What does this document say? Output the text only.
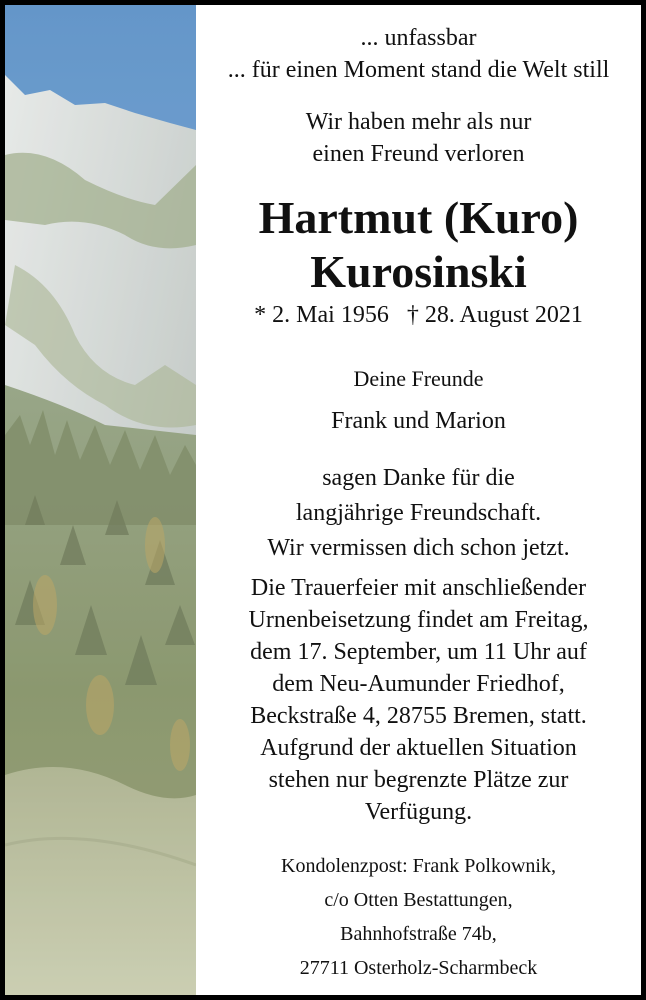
... unfassbar
... für einen Moment stand die Welt still
Wir haben mehr als nur
einen Freund verloren
Hartmut (Kuro)
Kurosinski
* 2. Mai 1956   † 28. August 2021
Deine Freunde
Frank und Marion
sagen Danke für die
langjährige Freundschaft.
Wir vermissen dich schon jetzt.
Die Trauerfeier mit anschließender
Urnenbeisetzung findet am Freitag,
dem 17. September, um 11 Uhr auf
dem Neu-Aumunder Friedhof,
Beckstraße 4, 28755 Bremen, statt.
Aufgrund der aktuellen Situation
stehen nur begrenzte Plätze zur
Verfügung.
Kondolenzpost: Frank Polkownik,
c/o Otten Bestattungen,
Bahnhofstraße 74b,
27711 Osterholz-Scharmbeck
